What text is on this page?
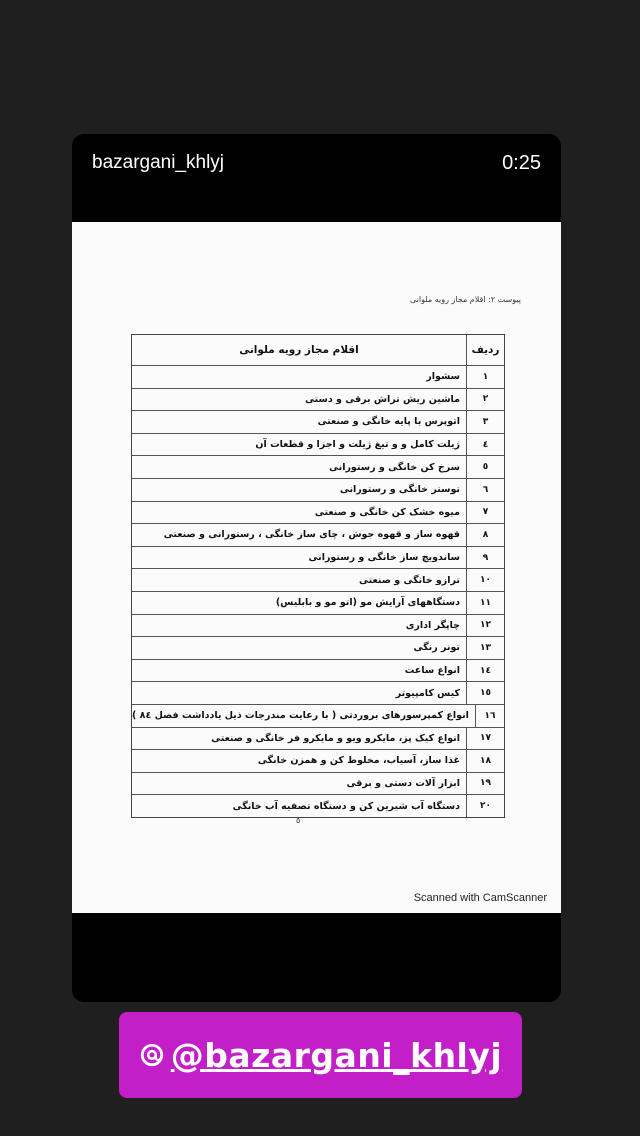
bazargani_khlyj	0:25
پیوست ۲: اقلام مجاز رویه ملوانی
ردیف
اقلام مجاز رویه ملوانی
۱
سشوار
۲
ماشین ریش تراش برقی و دستی
۳
اتوپرس با پایه خانگی و صنعتی
٤
ژیلت کامل و و تیغ ژیلت و اجزا و قطعات آن
٥
سرخ کن خانگی و رستورانی
٦
توستر خانگی و رستورانی
۷
میوه خشک کن خانگی و صنعتی
۸
قهوه ساز و قهوه جوش ، چای ساز خانگی ، رستورانی و صنعتی
۹
ساندویچ ساز خانگی و رستورانی
۱۰
ترازو خانگی و صنعتی
۱۱
دستگاههای آرایش مو (اتو مو و بابلیس)
۱۲
چاپگر اداری
۱۳
تونر رنگی
۱٤
انواع ساعت
۱٥
کیس کامپیوتر
۱٦
انواع کمپرسورهای بروردتی ( با رعایت مندرجات ذیل یادداشت فصل ۸٤ )
۱۷
انواع کیک پز، مایکرو ویو و مایکرو فر خانگی و صنعتی
۱۸
غذا ساز، آسیاب، مخلوط کن و همزن خانگی
۱۹
ابزار آلات دستی و برقی
۲۰
دستگاه آب شیرین کن و دستگاه تصفیه آب خانگی
٥
Scanned with CamScanner
@bazargani_khlyj
